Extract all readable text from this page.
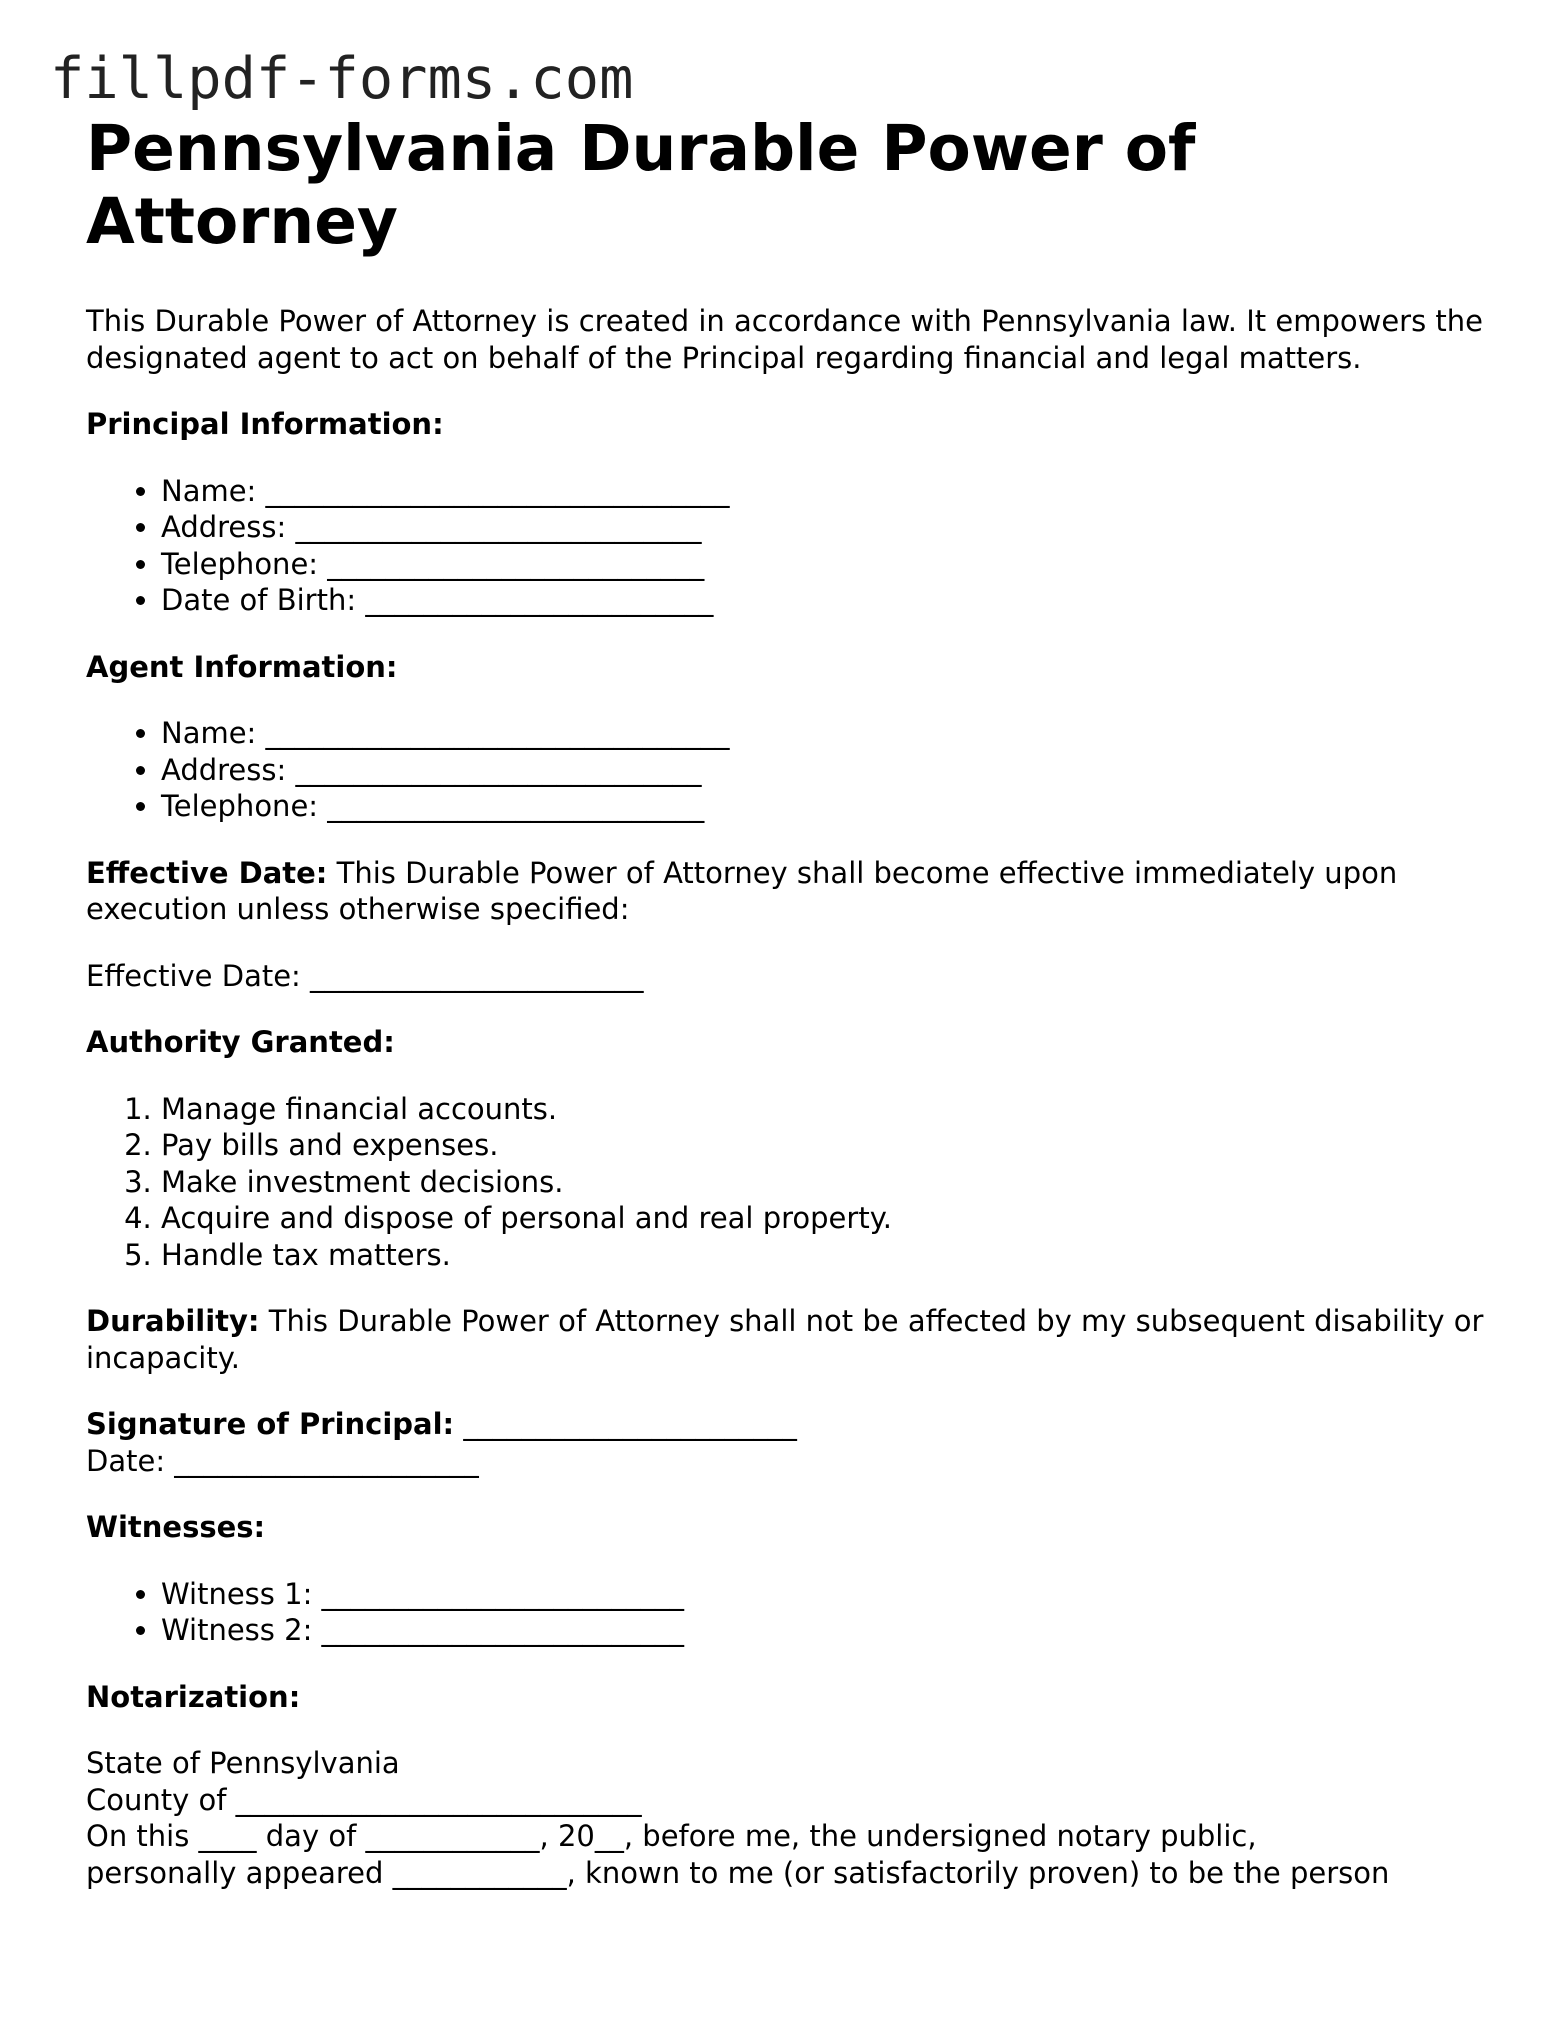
fillpdf-forms.com
Pennsylvania Durable Power of Attorney

This Durable Power of Attorney is created in accordance with Pennsylvania law. It empowers the designated agent to act on behalf of the Principal regarding financial and legal matters.

Principal Information:

• Name: ________________________________
• Address: ____________________________
• Telephone: __________________________
• Date of Birth: ________________________

Agent Information:

• Name: ________________________________
• Address: ____________________________
• Telephone: __________________________

Effective Date: This Durable Power of Attorney shall become effective immediately upon execution unless otherwise specified:

Effective Date: _______________________

Authority Granted:

1. Manage financial accounts.
2. Pay bills and expenses.
3. Make investment decisions.
4. Acquire and dispose of personal and real property.
5. Handle tax matters.

Durability: This Durable Power of Attorney shall not be affected by my subsequent disability or incapacity.

Signature of Principal: _______________________
Date: _____________________

Witnesses:

• Witness 1: _________________________
• Witness 2: _________________________

Notarization:

State of Pennsylvania
County of ____________________________
On this ____ day of ____________, 20__, before me, the undersigned notary public,
personally appeared ____________, known to me (or satisfactorily proven) to be the person
